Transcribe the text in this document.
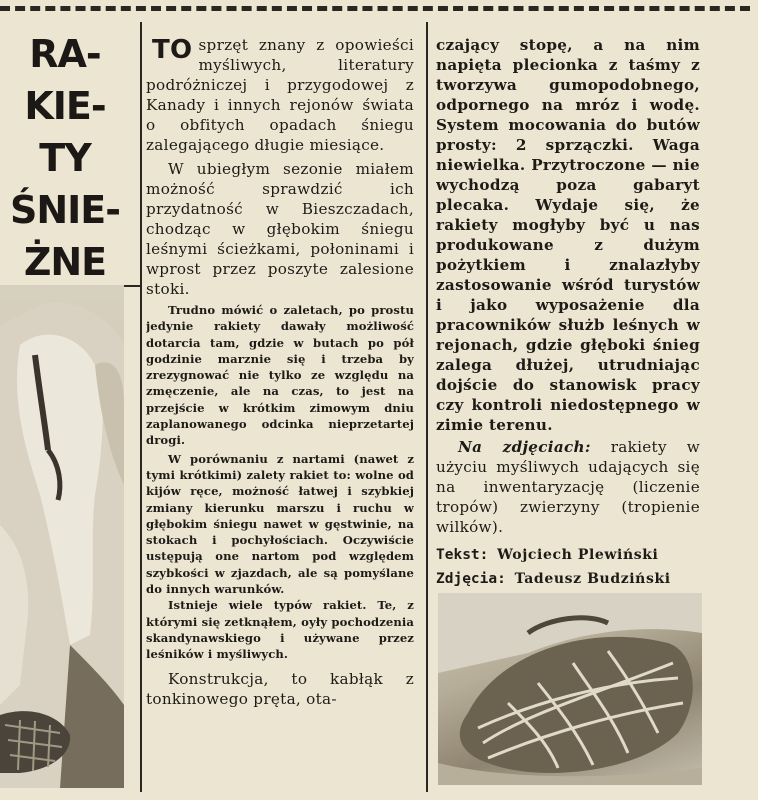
RA-
KIE-
TY
ŚNIE-
ŻNE

TO sprzęt znany z opowieści myśliwych, literatury podróżniczej i przygodowej z Kanady i innych rejonów świata o obfitych opadach śniegu zalegającego długie miesiące.

W ubiegłym sezonie miałem możność sprawdzić ich przydatność w Bieszczadach, chodząc w głębokim śniegu leśnymi ścieżkami, połoninami i wprost przez poszyte zalesione stoki.

Trudno mówić o zaletach, po prostu jedynie rakiety dawały możliwość dotarcia tam, gdzie w butach po pół godzinie marznie się i trzeba by zrezygnować nie tylko ze względu na zmęczenie, ale na czas, to jest na przejście w krótkim zimowym dniu zaplanowanego odcinka nieprzetartej drogi.

W porównaniu z nartami (nawet z tymi krótkimi) zalety rakiet to: wolne od kijów ręce, możność łatwej i szybkiej zmiany kierunku marszu i ruchu w głębokim śniegu nawet w gęstwinie, na stokach i pochyłościach. Oczywiście ustępują one nartom pod względem szybkości w zjazdach, ale są pomyślane do innych warunków.

Istnieje wiele typów rakiet. Te, z którymi się zetknąłem, oyły pochodzenia skandynawskiego i używane przez leśników i myśliwych.

Konstrukcja, to kabłąk z tonkinowego pręta, ota-

czający stopę, a na nim napięta plecionka z taśmy z tworzywa gumopodobnego, odpornego na mróz i wodę. System mocowania do butów prosty: 2 sprzączki. Waga niewielka. Przytroczone — nie wychodzą poza gabaryt plecaka. Wydaje się, że rakiety mogłyby być u nas produkowane z dużym pożytkiem i znalazłyby zastosowanie wśród turystów i jako wyposażenie dla pracowników służb leśnych w rejonach, gdzie głęboki śnieg zalega dłużej, utrudniając dojście do stanowisk pracy czy kontroli niedostępnego w zimie terenu.

Na zdjęciach: rakiety w użyciu myśliwych udających się na inwentaryzację (liczenie tropów) zwierzyny (tropienie wilków).

Tekst: Wojciech Plewiński
Zdjęcia: Tadeusz Budziński
